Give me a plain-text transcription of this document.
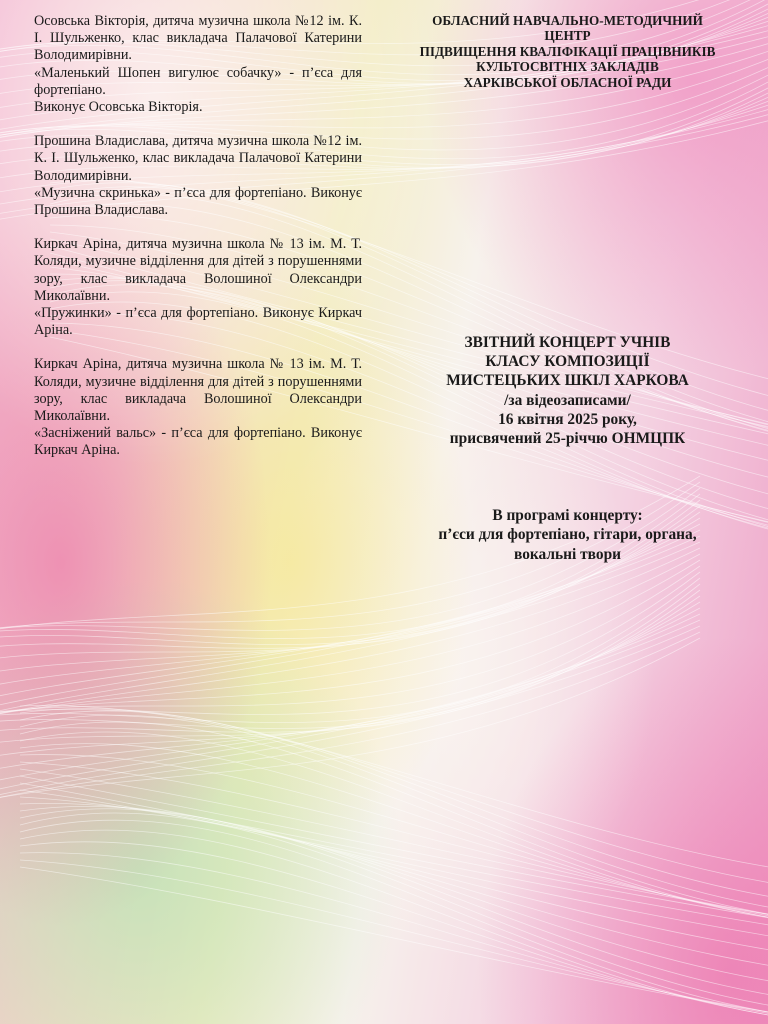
Осовська Вікторія, дитяча музична школа №12 ім. К. І. Шульженко, клас викладача Палачової Катерини Володимирівни.

«Маленький Шопен вигулює собачку» - п’єса для фортепіано.

Виконує Осовська Вікторія.

Прошина Владислава, дитяча музична школа №12 ім. К. І. Шульженко, клас викладача Палачової Катерини Володимирівни.

«Музична скринька» - п’єса для фортепіано. Виконує Прошина Владислава.

Киркач Аріна, дитяча музична школа № 13 ім. М. Т. Коляди, музичне відділення для дітей з порушеннями зору, клас викладача Волошиної Олександри Миколаївни.

«Пружинки» - п’єса для фортепіано. Виконує Киркач Аріна.

Киркач Аріна, дитяча музична школа № 13 ім. М. Т. Коляди, музичне відділення для дітей з порушеннями зору, клас викладача Волошиної Олександри Миколаївни.

«Засніжений вальс» - п’єса для фортепіано. Виконує Киркач Аріна.

ОБЛАСНИЙ НАВЧАЛЬНО-МЕТОДИЧНИЙ ЦЕНТР

ПІДВИЩЕННЯ КВАЛІФІКАЦІЇ ПРАЦІВНИКІВ

КУЛЬТОСВІТНІХ ЗАКЛАДІВ

ХАРКІВСЬКОЇ ОБЛАСНОЇ РАДИ

ЗВІТНИЙ КОНЦЕРТ УЧНІВ

КЛАСУ КОМПОЗИЦІЇ

МИСТЕЦЬКИХ ШКІЛ ХАРКОВА

/за відеозаписами/

16 квітня 2025 року,

присвячений 25-річчю ОНМЦПК

В програмі концерту:

п’єси для фортепіано, гітари, органа,

вокальні твори
